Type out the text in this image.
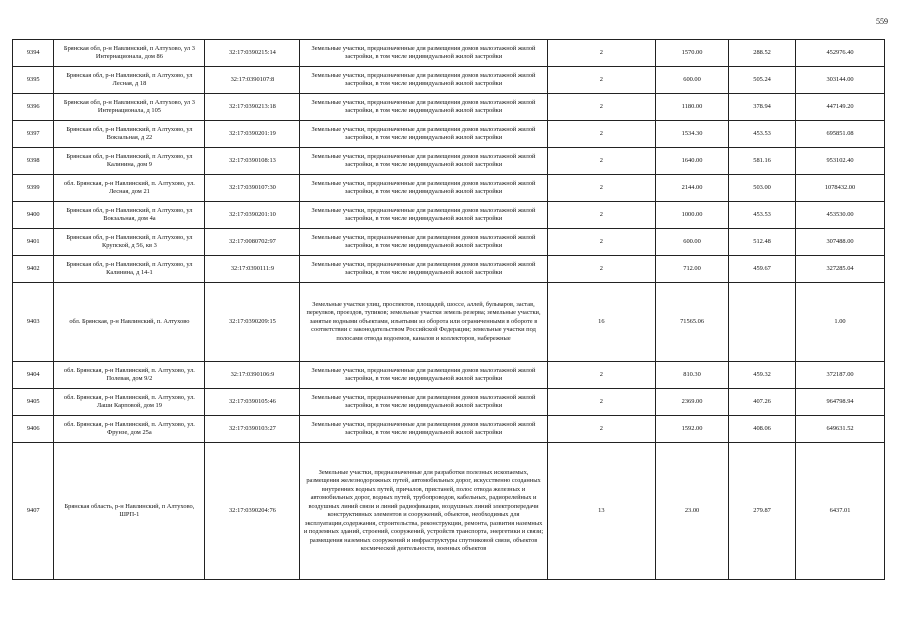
559
9394	Брянская обл, р-н Навлинский, п Алтухово, ул 3 Интернационала, дом 86	32:17:0390215:14	Земельные участки, предназначенные для размещения домов малоэтажной жилой застройки, в том числе индивидуальной жилой застройки	2	1570.00	288.52	452976.40
9395	Брянская обл, р-н Навлинский, п Алтухово, ул Лесная, д 18	32:17:0390107:8	Земельные участки, предназначенные для размещения домов малоэтажной жилой застройки, в том числе индивидуальной жилой застройки	2	600.00	505.24	303144.00
9396	Брянская обл, р-н Навлинский, п Алтухово, ул 3 Интернационала, д 105	32:17:0390213:18	Земельные участки, предназначенные для размещения домов малоэтажной жилой застройки, в том числе индивидуальной жилой застройки	2	1180.00	378.94	447149.20
9397	Брянская обл, р-н Навлинский, п Алтухово, ул Вокзальная, д 22	32:17:0390201:19	Земельные участки, предназначенные для размещения домов малоэтажной жилой застройки, в том числе индивидуальной жилой застройки	2	1534.30	453.53	695851.08
9398	Брянская обл, р-н Навлинский, п Алтухово, ул Калинина, дом 9	32:17:0390108:13	Земельные участки, предназначенные для размещения домов малоэтажной жилой застройки, в том числе индивидуальной жилой застройки	2	1640.00	581.16	953102.40
9399	обл. Брянская, р-н Навлинский, п. Алтухово, ул. Лесная, дом 21	32:17:0390107:30	Земельные участки, предназначенные для размещения домов малоэтажной жилой застройки, в том числе индивидуальной жилой застройки	2	2144.00	503.00	1078432.00
9400	Брянская обл, р-н Навлинский, п Алтухово, ул Вокзальная, дом 4а	32:17:0390201:10	Земельные участки, предназначенные для размещения домов малоэтажной жилой застройки, в том числе индивидуальной жилой застройки	2	1000.00	453.53	453530.00
9401	Брянская обл, р-н Навлинский, п Алтухово, ул Крупской, д 56, кв 3	32:17:0080702:97	Земельные участки, предназначенные для размещения домов малоэтажной жилой застройки, в том числе индивидуальной жилой застройки	2	600.00	512.48	307488.00
9402	Брянская обл, р-н Навлинский, п Алтухово, ул Калинина, д 14-1	32:17:0390111:9	Земельные участки, предназначенные для размещения домов малоэтажной жилой застройки, в том числе индивидуальной жилой застройки	2	712.00	459.67	327285.04
9403	обл. Брянская, р-н Навлинский, п. Алтухово	32:17:0390209:15	Земельные участки улиц, проспектов, площадей, шоссе, аллей, бульваров, застав, переулков, проездов, тупиков; земельные участки земель резерва; земельные участки, занятые водными объектами, изъятыми из оборота или ограниченными в обороте в соответствии с законодательством Российской Федерации; земельные участки под полосами отвода водоемов, каналов и коллекторов, набережные	16	71565.06		1.00
9404	обл. Брянская, р-н Навлинский, п. Алтухово, ул. Полевая, дом 9/2	32:17:0390106:9	Земельные участки, предназначенные для размещения домов малоэтажной жилой застройки, в том числе индивидуальной жилой застройки	2	810.30	459.32	372187.00
9405	обл. Брянская, р-н Навлинский, п. Алтухово, ул. Лаши Карповой, дом 19	32:17:0390105:46	Земельные участки, предназначенные для размещения домов малоэтажной жилой застройки, в том числе индивидуальной жилой застройки	2	2369.00	407.26	964798.94
9406	обл. Брянская, р-н Навлинский, п. Алтухово, ул. Фрунзе, дом 25а	32:17:0390103:27	Земельные участки, предназначенные для размещения домов малоэтажной жилой застройки, в том числе индивидуальной жилой застройки	2	1592.00	408.06	649631.52
9407	Брянская область, р-н Навлинский, п Алтухово, ШРП-1	32:17:0390204:76	Земельные участки, предназначенные для разработки полезных ископаемых, размещения железнодорожных путей, автомобильных дорог, искусственно созданных внутренних водных путей, причалов, пристаней, полос отвода железных и автомобильных дорог, водных путей, трубопроводов, кабельных, радиорелейных и воздушных линий связи и линий радиофикации, воздушных линий электропередачи конструктивных элементов и сооружений, объектов, необходимых для эксплуатации,содержания, строительства, реконструкции, ремонта, развития наземных и подземных зданий, строений, сооружений, устройств транспорта, энергетики и связи; размещения наземных сооружений и инфраструктуры спутниковой связи, объектов космической деятельности, военных объектов	13	23.00	279.87	6437.01
